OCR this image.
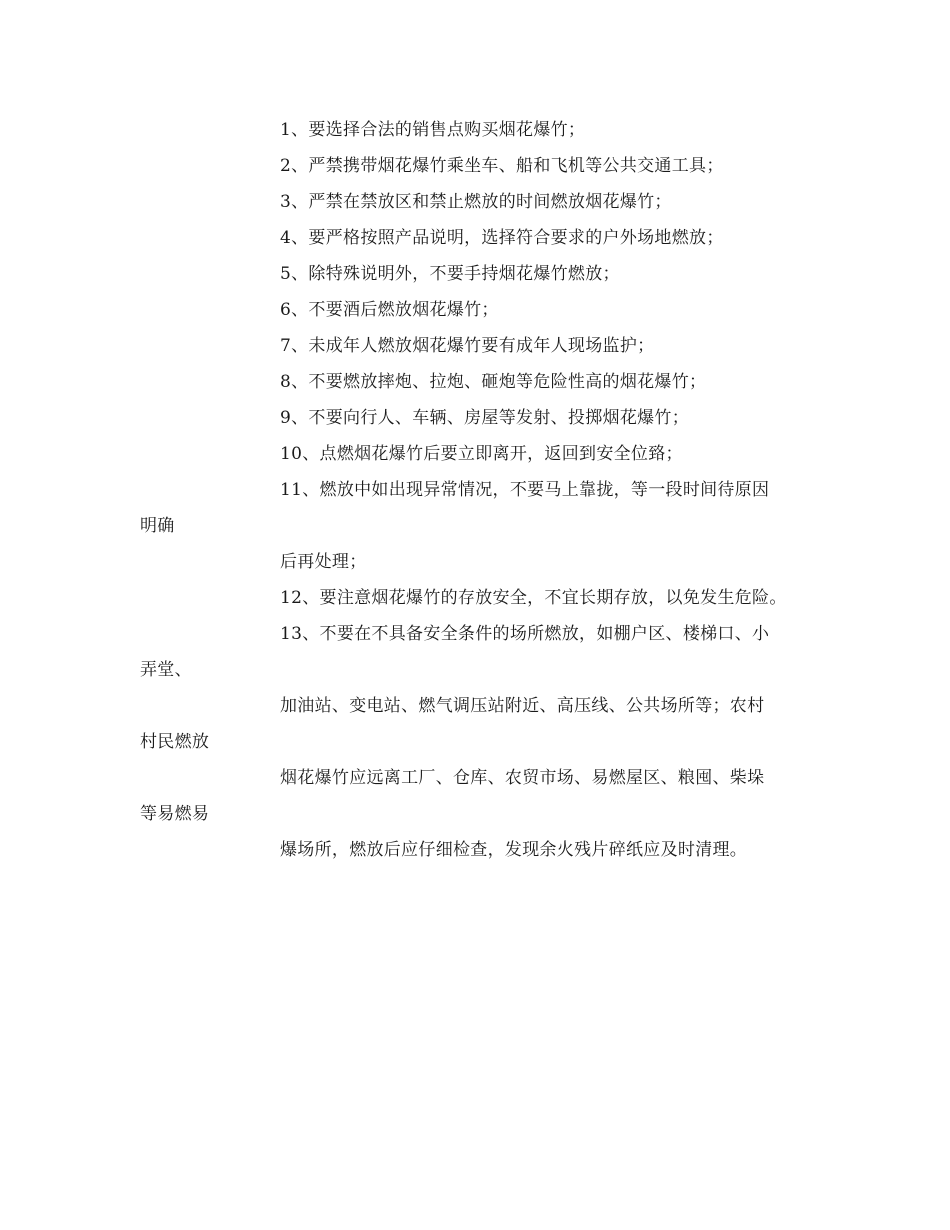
1、要选择合法的销售点购买烟花爆竹；
2、严禁携带烟花爆竹乘坐车、船和飞机等公共交通工具；
3、严禁在禁放区和禁止燃放的时间燃放烟花爆竹；
4、要严格按照产品说明，选择符合要求的户外场地燃放；
5、除特殊说明外，不要手持烟花爆竹燃放；
6、不要酒后燃放烟花爆竹；
7、未成年人燃放烟花爆竹要有成年人现场监护；
8、不要燃放摔炮、拉炮、砸炮等危险性高的烟花爆竹；
9、不要向行人、车辆、房屋等发射、投掷烟花爆竹；
10、点燃烟花爆竹后要立即离开，返回到安全位臵；
11、燃放中如出现异常情况，不要马上靠拢，等一段时间待原因
明确
后再处理；
12、要注意烟花爆竹的存放安全，不宜长期存放，以免发生危险。
13、不要在不具备安全条件的场所燃放，如棚户区、楼梯口、小
弄堂、
加油站、变电站、燃气调压站附近、高压线、公共场所等；农村
村民燃放
烟花爆竹应远离工厂、仓库、农贸市场、易燃屋区、粮囤、柴垛
等易燃易
爆场所，燃放后应仔细检查，发现余火残片碎纸应及时清理。
